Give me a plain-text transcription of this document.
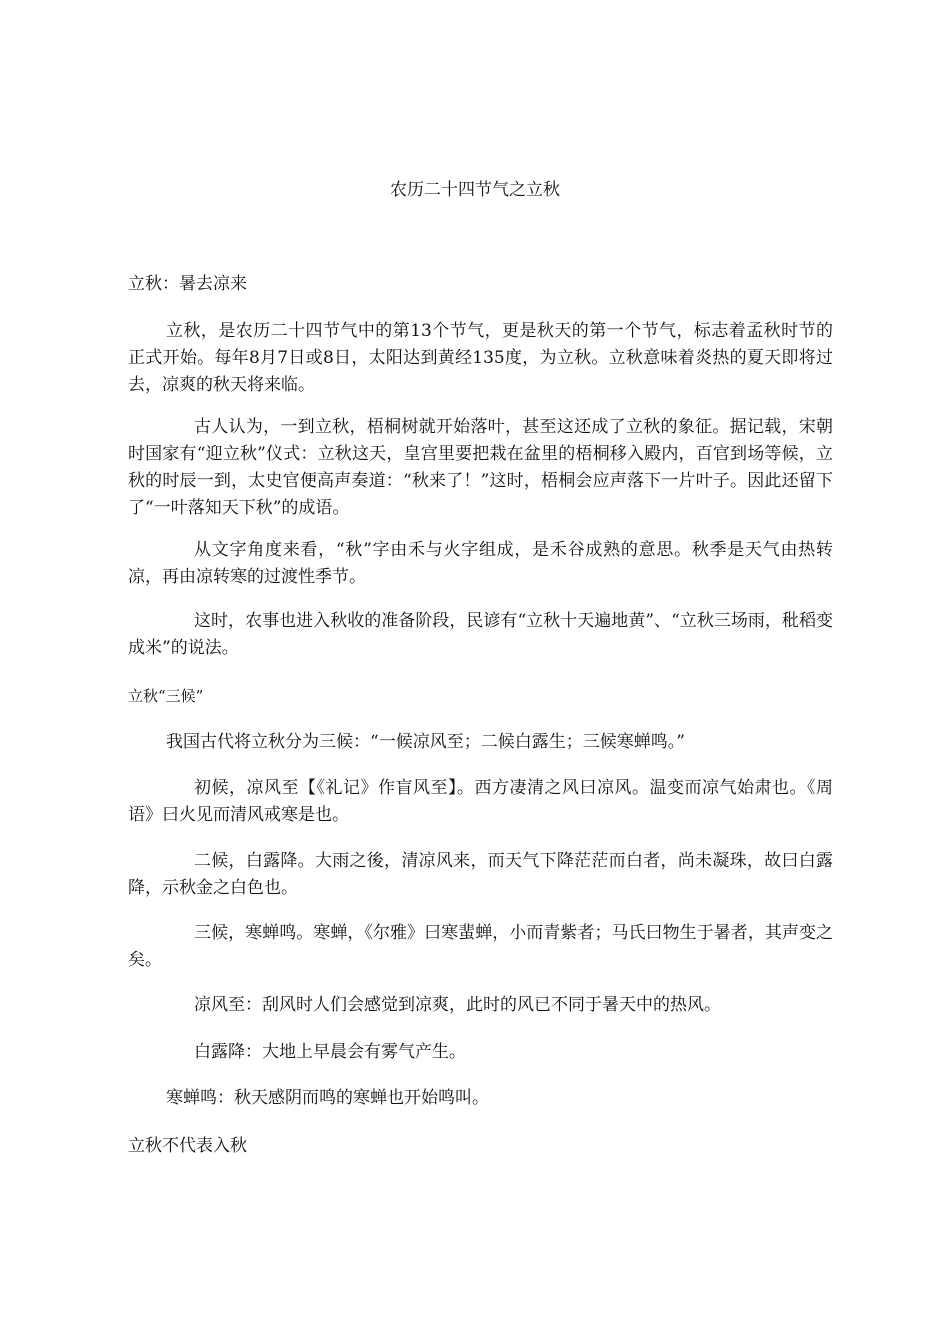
农历二十四节气之立秋

立秋：暑去凉来

立秋，是农历二十四节气中的第13个节气，更是秋天的第一个节气，标志着孟秋时节的正式开始。每年8月7日或8日，太阳达到黄经135度，为立秋。立秋意味着炎热的夏天即将过去，凉爽的秋天将来临。

古人认为，一到立秋，梧桐树就开始落叶，甚至这还成了立秋的象征。据记载，宋朝时国家有“迎立秋”仪式：立秋这天，皇宫里要把栽在盆里的梧桐移入殿内，百官到场等候，立秋的时辰一到，太史官便高声奏道：“秋来了！”这时，梧桐会应声落下一片叶子。因此还留下了“一叶落知天下秋”的成语。

从文字角度来看，“秋”字由禾与火字组成，是禾谷成熟的意思。秋季是天气由热转凉，再由凉转寒的过渡性季节。

这时，农事也进入秋收的准备阶段，民谚有“立秋十天遍地黄”、“立秋三场雨，秕稻变成米”的说法。

立秋“三候”

我国古代将立秋分为三候：“一候凉风至；二候白露生；三候寒蝉鸣。”

初候，凉风至【《礼记》作盲风至】。西方凄清之风曰凉风。温变而凉气始肃也。《周语》曰火见而清风戒寒是也。

二候，白露降。大雨之後，清凉风来，而天气下降茫茫而白者，尚未凝珠，故曰白露降，示秋金之白色也。

三候，寒蝉鸣。寒蝉，《尔雅》曰寒蜚蝉，小而青紫者；马氏曰物生于暑者，其声变之矣。

凉风至：刮风时人们会感觉到凉爽，此时的风已不同于暑天中的热风。

白露降：大地上早晨会有雾气产生。

寒蝉鸣：秋天感阴而鸣的寒蝉也开始鸣叫。

立秋不代表入秋
